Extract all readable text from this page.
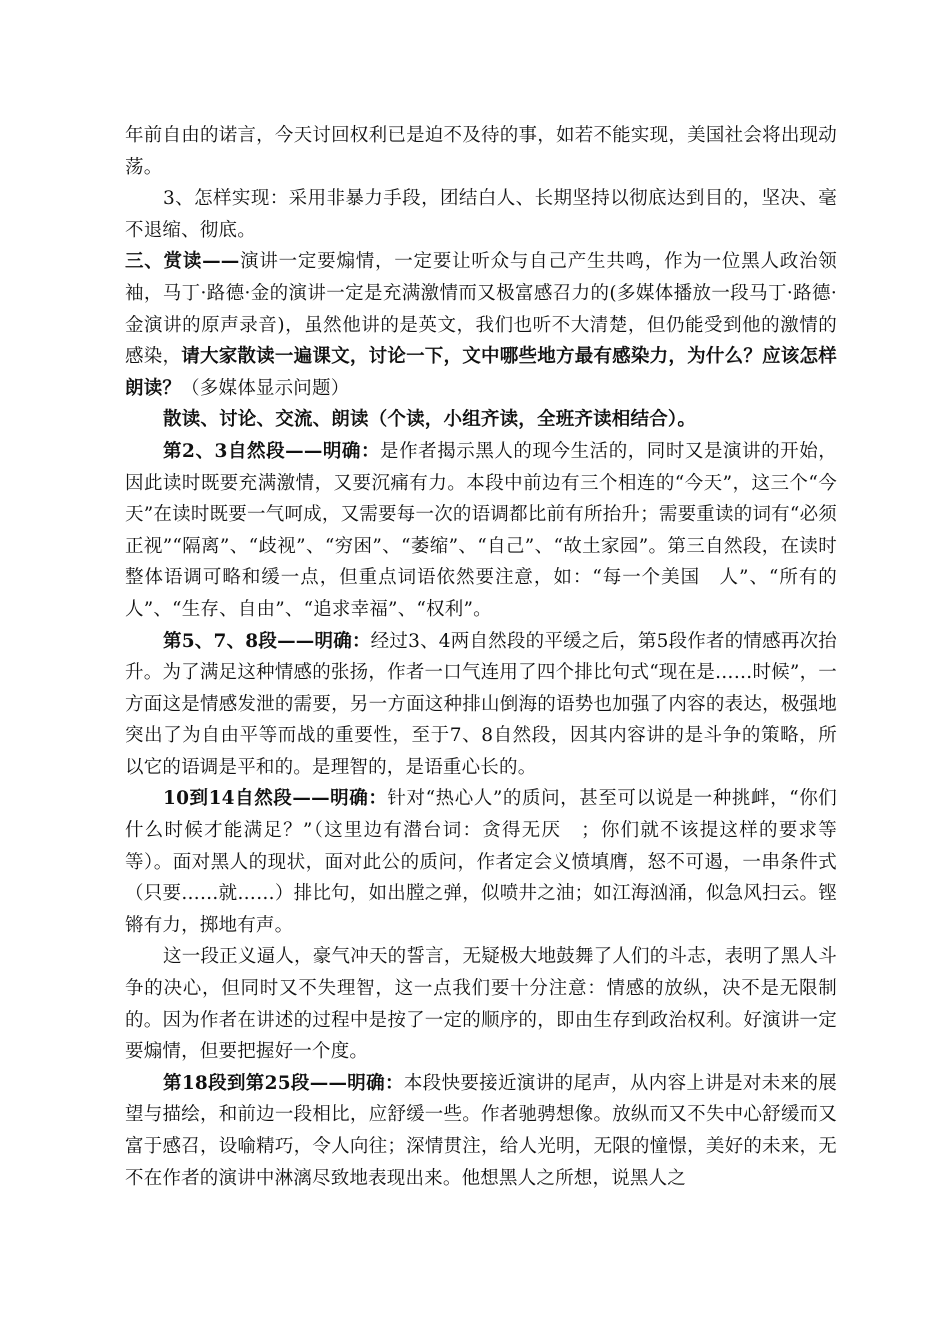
年前自由的诺言，今天讨回权利已是迫不及待的事，如若不能实现，美国社会将出现动荡。

3、怎样实现：采用非暴力手段，团结白人、长期坚持以彻底达到目的，坚决、毫不退缩、彻底。

三、赏读——演讲一定要煽情，一定要让听众与自己产生共鸣，作为一位黑人政治领袖，马丁·路德·金的演讲一定是充满激情而又极富感召力的(多媒体播放一段马丁·路德·金演讲的原声录音)，虽然他讲的是英文，我们也听不大清楚，但仍能受到他的激情的感染，请大家散读一遍课文，讨论一下，文中哪些地方最有感染力，为什么？应该怎样朗读？（多媒体显示问题）

散读、讨论、交流、朗读（个读，小组齐读，全班齐读相结合）。

第2、3自然段——明确：是作者揭示黑人的现今生活的，同时又是演讲的开始，因此读时既要充满激情，又要沉痛有力。本段中前边有三个相连的“今天”，这三个“今天”在读时既要一气呵成，又需要每一次的语调都比前有所抬升；需要重读的词有“必须正视”“隔离”、“歧视”、“穷困”、“萎缩”、“自己”、“故土家园”。第三自然段，在读时整体语调可略和缓一点，但重点词语依然要注意，如：“每一个美国　人”、“所有的人”、“生存、自由”、“追求幸福”、“权利”。

第5、7、8段——明确：经过3、4两自然段的平缓之后，第5段作者的情感再次抬升。为了满足这种情感的张扬，作者一口气连用了四个排比句式“现在是……时候”，一方面这是情感发泄的需要，另一方面这种排山倒海的语势也加强了内容的表达，极强地突出了为自由平等而战的重要性，至于7、8自然段，因其内容讲的是斗争的策略，所以它的语调是平和的。是理智的，是语重心长的。

10到14自然段——明确：针对“热心人”的质问，甚至可以说是一种挑衅，“你们什么时候才能满足？”（这里边有潜台词：贪得无厌　；你们就不该提这样的要求等等）。面对黑人的现状，面对此公的质问，作者定会义愤填膺，怒不可遏，一串条件式（只要……就……）排比句，如出膛之弹，似喷井之油；如江海汹涌，似急风扫云。铿锵有力，掷地有声。

这一段正义逼人，豪气冲天的誓言，无疑极大地鼓舞了人们的斗志，表明了黑人斗争的决心，但同时又不失理智，这一点我们要十分注意：情感的放纵，决不是无限制的。因为作者在讲述的过程中是按了一定的顺序的，即由生存到政治权利。好演讲一定要煽情，但要把握好一个度。

第18段到第25段——明确：本段快要接近演讲的尾声，从内容上讲是对未来的展望与描绘，和前边一段相比，应舒缓一些。作者驰骋想像。放纵而又不失中心舒缓而又富于感召，设喻精巧，令人向往；深情贯注，给人光明，无限的憧憬，美好的未来，无不在作者的演讲中淋漓尽致地表现出来。他想黑人之所想，说黑人之
